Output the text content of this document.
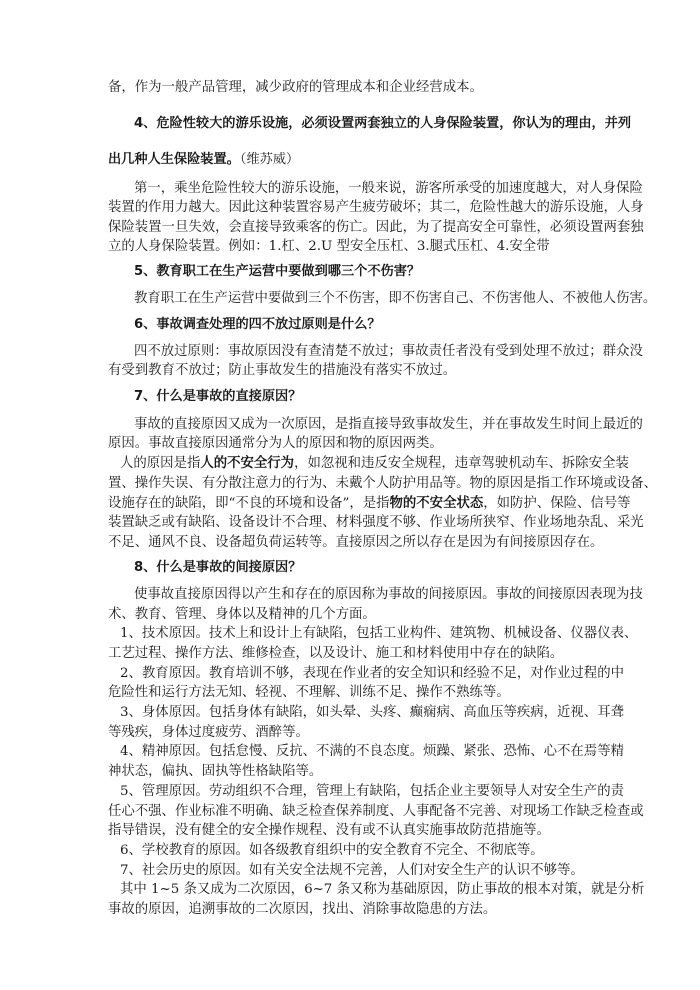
备，作为一般产品管理，减少政府的管理成本和企业经营成本。
4、危险性较大的游乐设施，必须设置两套独立的人身保险装置，你认为的理由，并列
出几种人生保险装置。（维苏威）
第一，乘坐危险性较大的游乐设施，一般来说，游客所承受的加速度越大，对人身保险
装置的作用力越大。因此这种装置容易产生疲劳破坏；其二，危险性越大的游乐设施，人身
保险装置一旦失效，会直接导致乘客的伤亡。因此，为了提高安全可靠性，必须设置两套独
立的人身保险装置。例如：1.杠、2.U 型安全压杠、3.腿式压杠、4.安全带
5、教育职工在生产运营中要做到哪三个不伤害？
教育职工在生产运营中要做到三个不伤害，即不伤害自己、不伤害他人、不被他人伤害。
6、事故调查处理的四不放过原则是什么？
四不放过原则：事故原因没有查清楚不放过；事故责任者没有受到处理不放过；群众没
有受到教育不放过；防止事故发生的措施没有落实不放过。
7、什么是事故的直接原因？
事故的直接原因又成为一次原因，是指直接导致事故发生，并在事故发生时间上最近的
原因。事故直接原因通常分为人的原因和物的原因两类。
人的原因是指人的不安全行为，如忽视和违反安全规程，违章驾驶机动车、拆除安全装
置、操作失误、有分散注意力的行为、未戴个人防护用品等。物的原因是指工作环境或设备、
设施存在的缺陷，即“不良的环境和设备”，是指物的不安全状态，如防护、保险、信号等
装置缺乏或有缺陷、设备设计不合理、材料强度不够、作业场所狭窄、作业场地杂乱、采光
不足、通风不良、设备超负荷运转等。直接原因之所以存在是因为有间接原因存在。
8、什么是事故的间接原因？
使事故直接原因得以产生和存在的原因称为事故的间接原因。事故的间接原因表现为技
术、教育、管理、身体以及精神的几个方面。
1、技术原因。技术上和设计上有缺陷，包括工业构件、建筑物、机械设备、仪器仪表、
工艺过程、操作方法、维修检查，以及设计、施工和材料使用中存在的缺陷。
2、教育原因。教育培训不够，表现在作业者的安全知识和经验不足，对作业过程的中
危险性和运行方法无知、轻视、不理解、训练不足、操作不熟练等。
3、身体原因。包括身体有缺陷，如头晕、头疼、癫痫病、高血压等疾病，近视、耳聋
等残疾，身体过度疲劳、酒醉等。
4、精神原因。包括怠慢、反抗、不满的不良态度。烦躁、紧张、恐怖、心不在焉等精
神状态，偏执、固执等性格缺陷等。
5、管理原因。劳动组织不合理，管理上有缺陷，包括企业主要领导人对安全生产的责
任心不强、作业标准不明确、缺乏检查保养制度、人事配备不完善、对现场工作缺乏检查或
指导错误，没有健全的安全操作规程、没有或不认真实施事故防范措施等。
6、学校教育的原因。如各级教育组织中的安全教育不完全、不彻底等。
7、社会历史的原因。如有关安全法规不完善，人们对安全生产的认识不够等。
其中 1~5 条又成为二次原因，6~7 条又称为基础原因，防止事故的根本对策，就是分析
事故的原因，追溯事故的二次原因，找出、消除事故隐患的方法。
